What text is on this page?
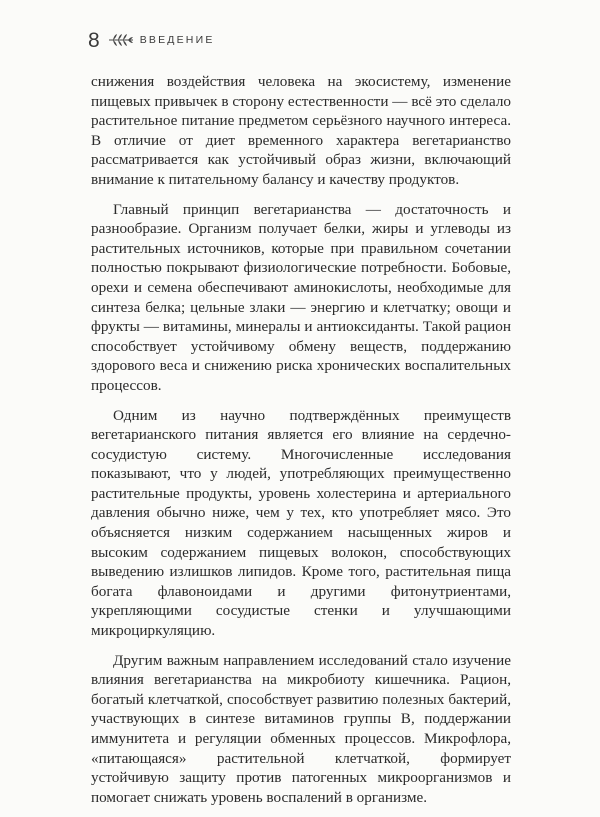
8	ВВЕДЕНИЕ

снижения воздействия человека на экосистему, изменение пищевых привычек в сторону естественности — всё это сделало растительное питание предметом серьёзного научного интереса. В отличие от диет временного характера вегетарианство рассматривается как устойчивый образ жизни, включающий внимание к питательному балансу и качеству продуктов.

Главный принцип вегетарианства — достаточность и разнообразие. Организм получает белки, жиры и углеводы из растительных источников, которые при правильном сочетании полностью покрывают физиологические потребности. Бобовые, орехи и семена обеспечивают аминокислоты, необходимые для синтеза белка; цельные злаки — энергию и клетчатку; овощи и фрукты — витамины, минералы и антиоксиданты. Такой рацион способствует устойчивому обмену веществ, поддержанию здорового веса и снижению риска хронических воспалительных процессов.

Одним из научно подтверждённых преимуществ вегетарианского питания является его влияние на сердечно-сосудистую систему. Многочисленные исследования показывают, что у людей, употребляющих преимущественно растительные продукты, уровень холестерина и артериального давления обычно ниже, чем у тех, кто употребляет мясо. Это объясняется низким содержанием насыщенных жиров и высоким содержанием пищевых волокон, способствующих выведению излишков липидов. Кроме того, растительная пища богата флавоноидами и другими фитонутриентами, укрепляющими сосудистые стенки и улучшающими микроциркуляцию.

Другим важным направлением исследований стало изучение влияния вегетарианства на микробиоту кишечника. Рацион, богатый клетчаткой, способствует развитию полезных бактерий, участвующих в синтезе витаминов группы B, поддержании иммунитета и регуляции обменных процессов. Микрофлора, «питающаяся» растительной клетчаткой, формирует устойчивую защиту против патогенных микроорганизмов и помогает снижать уровень воспалений в организме.
